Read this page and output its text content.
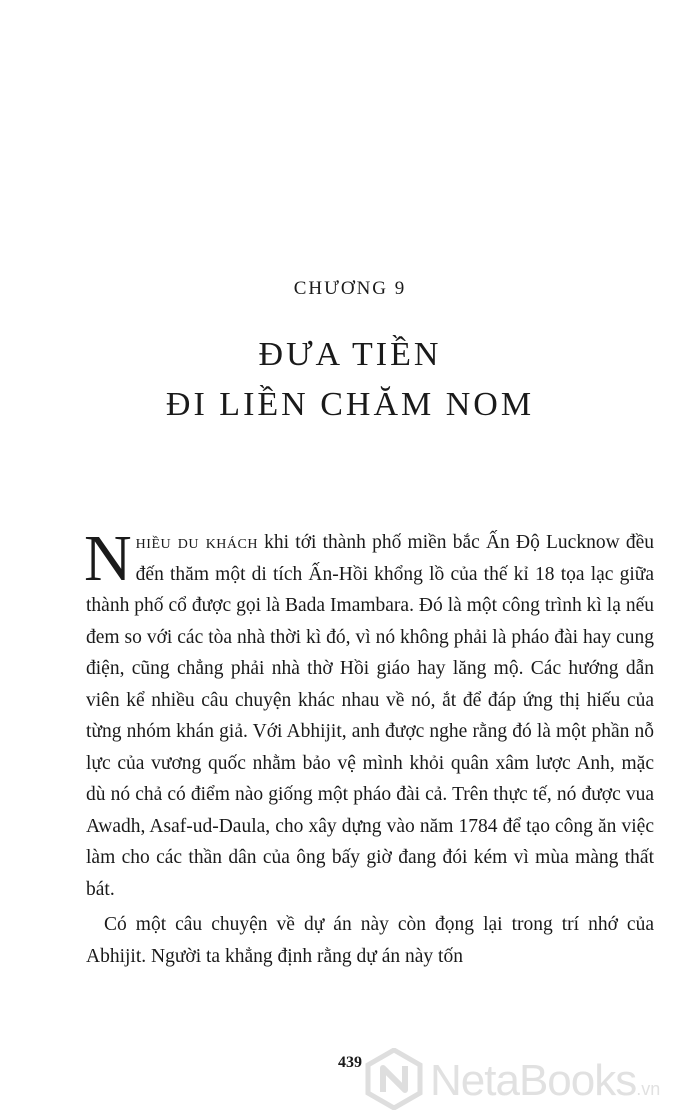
CHƯƠNG 9
ĐƯA TIỀN
ĐI LIỀN CHĂM NOM

Nhiều du khách khi tới thành phố miền bắc Ấn Độ Lucknow đều đến thăm một di tích Ấn-Hồi khổng lồ của thế kỉ 18 tọa lạc giữa thành phố cổ được gọi là Bada Imambara. Đó là một công trình kì lạ nếu đem so với các tòa nhà thời kì đó, vì nó không phải là pháo đài hay cung điện, cũng chẳng phải nhà thờ Hồi giáo hay lăng mộ. Các hướng dẫn viên kể nhiều câu chuyện khác nhau về nó, ắt để đáp ứng thị hiếu của từng nhóm khán giả. Với Abhijit, anh được nghe rằng đó là một phần nỗ lực của vương quốc nhằm bảo vệ mình khỏi quân xâm lược Anh, mặc dù nó chả có điểm nào giống một pháo đài cả. Trên thực tế, nó được vua Awadh, Asaf-ud-Daula, cho xây dựng vào năm 1784 để tạo công ăn việc làm cho các thần dân của ông bấy giờ đang đói kém vì mùa màng thất bát.

Có một câu chuyện về dự án này còn đọng lại trong trí nhớ của Abhijit. Người ta khẳng định rằng dự án này tốn

439	NetaBooks.vn
